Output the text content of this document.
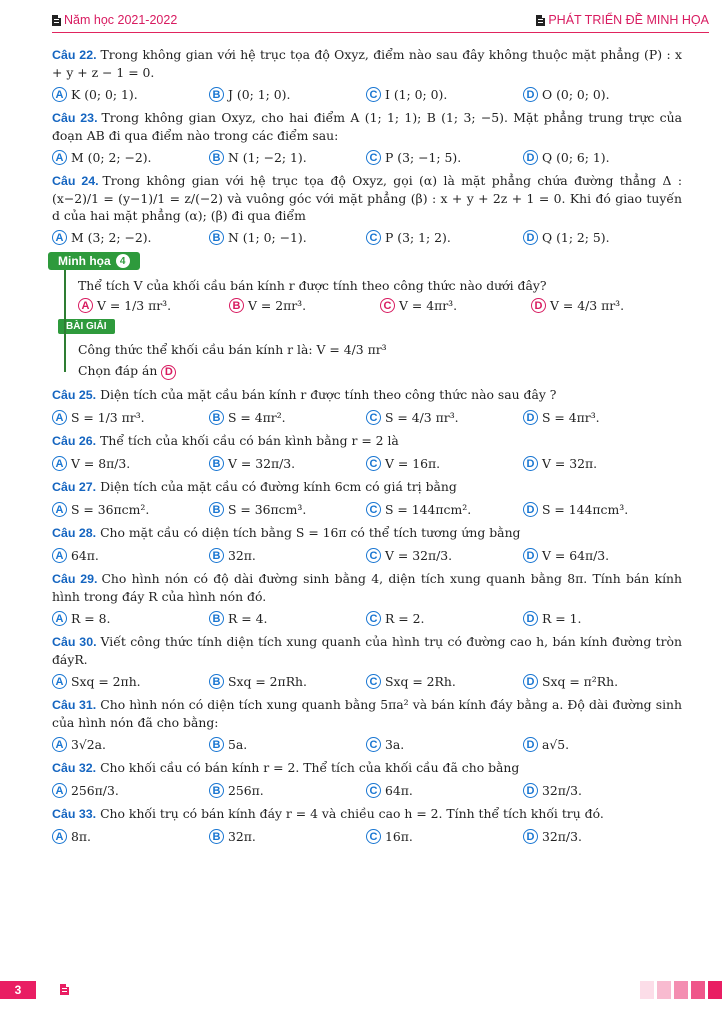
Năm học 2021-2022	PHÁT TRIỂN ĐỀ MINH HỌA
Câu 22. Trong không gian với hệ trục tọa độ Oxyz, điểm nào sau đây không thuộc mặt phẳng (P) : x + y + z − 1 = 0.
A K (0; 0; 1).	B J (0; 1; 0).	C I (1; 0; 0).	D O (0; 0; 0).
Câu 23. Trong không gian Oxyz, cho hai điểm A (1; 1; 1); B (1; 3; −5). Mặt phẳng trung trực của đoạn AB đi qua điểm nào trong các điểm sau:
A M (0; 2; −2).	B N (1; −2; 1).	C P (3; −1; 5).	D Q (0; 6; 1).
Câu 24. Trong không gian với hệ trục tọa độ Oxyz, gọi (α) là mặt phẳng chứa đường thẳng Δ : (x−2)/1 = (y−1)/1 = z/(−2) và vuông góc với mặt phẳng (β) : x + y + 2z + 1 = 0. Khi đó giao tuyến d của hai mặt phẳng (α); (β) đi qua điểm
A M (3; 2; −2).	B N (1; 0; −1).	C P (3; 1; 2).	D Q (1; 2; 5).
Minh họa 4
Thể tích V của khối cầu bán kính r được tính theo công thức nào dưới đây?
A V = 1/3 πr³.	B V = 2πr³.	C V = 4πr³.	D V = 4/3 πr³.
BÀI GIẢI
Công thức thể khối cầu bán kính r là: V = 4/3 πr³
Chọn đáp án D
Câu 25. Diện tích của mặt cầu bán kính r được tính theo công thức nào sau đây ?
A S = 1/3 πr³.	B S = 4πr².	C S = 4/3 πr³.	D S = 4πr³.
Câu 26. Thể tích của khối cầu có bán kình bằng r = 2 là
A V = 8π/3.	B V = 32π/3.	C V = 16π.	D V = 32π.
Câu 27. Diện tích của mặt cầu có đường kính 6cm có giá trị bằng
A S = 36πcm².	B S = 36πcm³.	C S = 144πcm².	D S = 144πcm³.
Câu 28. Cho mặt cầu có diện tích bằng S = 16π có thể tích tương ứng bằng
A 64π.	B 32π.	C V = 32π/3.	D V = 64π/3.
Câu 29. Cho hình nón có độ dài đường sinh bằng 4, diện tích xung quanh bằng 8π. Tính bán kính hình trong đáy R của hình nón đó.
A R = 8.	B R = 4.	C R = 2.	D R = 1.
Câu 30. Viết công thức tính diện tích xung quanh của hình trụ có đường cao h, bán kính đường tròn đáyR.
A Sxq = 2πh.	B Sxq = 2πRh.	C Sxq = 2Rh.	D Sxq = π²Rh.
Câu 31. Cho hình nón có diện tích xung quanh bằng 5πa² và bán kính đáy bằng a. Độ dài đường sinh của hình nón đã cho bằng:
A 3√2a.	B 5a.	C 3a.	D a√5.
Câu 32. Cho khối cầu có bán kính r = 2. Thể tích của khối cầu đã cho bằng
A 256π/3.	B 256π.	C 64π.	D 32π/3.
Câu 33. Cho khối trụ có bán kính đáy r = 4 và chiều cao h = 2. Tính thể tích khối trụ đó.
A 8π.	B 32π.	C 16π.	D 32π/3.
3
